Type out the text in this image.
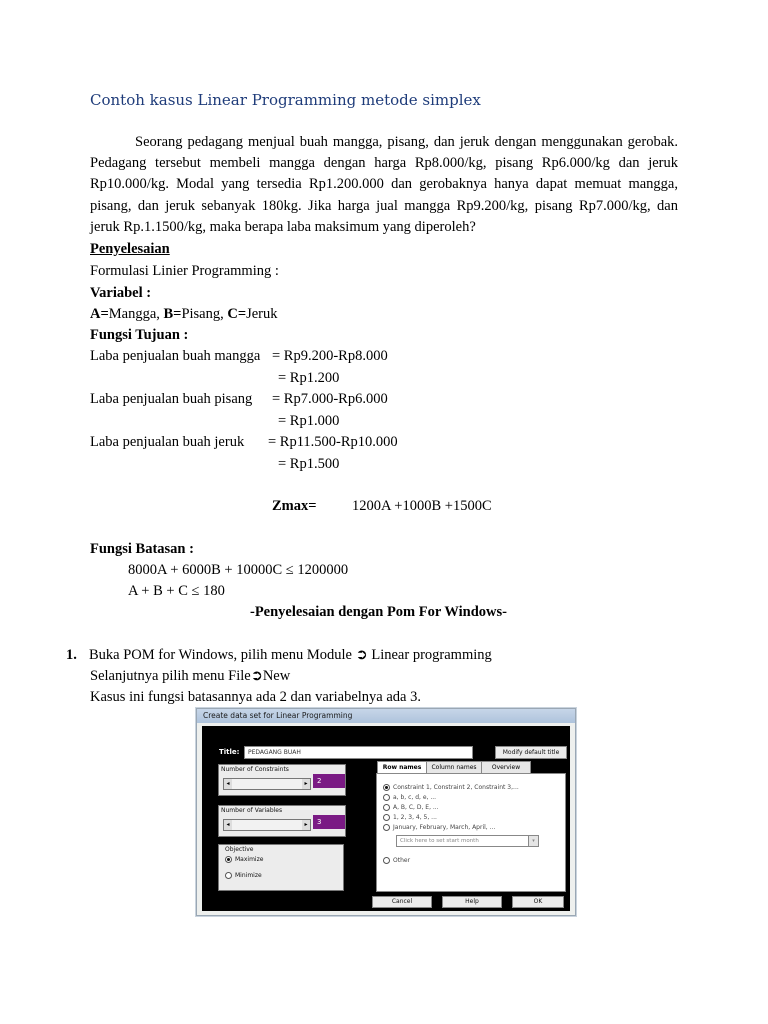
Contoh kasus Linear Programming metode simplex
Seorang pedagang menjual buah mangga, pisang, dan jeruk dengan menggunakan gerobak. Pedagang tersebut membeli mangga dengan harga Rp8.000/kg, pisang Rp6.000/kg dan jeruk Rp10.000/kg. Modal yang tersedia Rp1.200.000 dan gerobaknya hanya dapat memuat mangga, pisang, dan jeruk sebanyak 180kg. Jika harga jual mangga Rp9.200/kg, pisang Rp7.000/kg, dan jeruk Rp.1.1500/kg, maka berapa laba maksimum yang diperoleh?
Penyelesaian
Formulasi Linier Programming :
Variabel :
A=Mangga, B=Pisang, C=Jeruk
Fungsi Tujuan :
Laba penjualan buah mangga = Rp9.200-Rp8.000
= Rp1.200
Laba penjualan buah pisang = Rp7.000-Rp6.000
= Rp1.000
Laba penjualan buah jeruk = Rp11.500-Rp10.000
= Rp1.500
Zmax= 1200A +1000B +1500C
Fungsi Batasan :
8000A + 6000B + 10000C ≤ 1200000
A + B + C ≤ 180
-Penyelesaian dengan Pom For Windows-
1. Buka POM for Windows, pilih menu Module ➲ Linear programming
Selanjutnya pilih menu File➲New
Kasus ini fungsi batasannya ada 2 dan variabelnya ada 3.
Create data set for Linear Programming
Title:	PEDAGANG BUAH	Modify default title
Number of Constraints
◂	▸	2
Number of Variables
◂	▸	3
Objective
Maximize
Minimize
Row names	Column names	Overview
Constraint 1, Constraint 2, Constraint 3,...
a, b, c, d, e, ...
A, B, C, D, E, ...
1, 2, 3, 4, 5, ...
January, February, March, April, ...
Click here to set start month	▾
Other
Cancel	Help	OK
